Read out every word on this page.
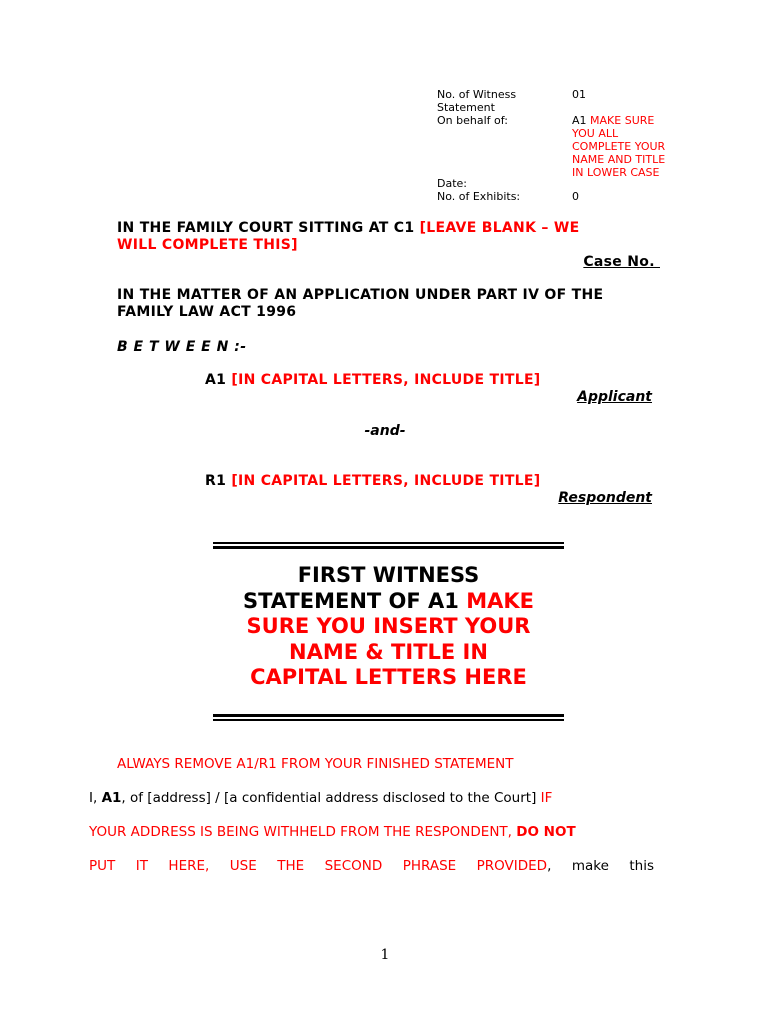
No. of Witness
Statement
On behalf of:
01
A1 MAKE SURE
YOU ALL
COMPLETE YOUR
NAME AND TITLE
IN LOWER CASE
Date:
No. of Exhibits:	0
IN THE FAMILY COURT SITTING AT C1 [LEAVE BLANK – WE
WILL COMPLETE THIS]
Case No.
IN THE MATTER OF AN APPLICATION UNDER PART IV OF THE
FAMILY LAW ACT 1996
B E T W E E N :-
A1 [IN CAPITAL LETTERS, INCLUDE TITLE]
Applicant
-and-
R1 [IN CAPITAL LETTERS, INCLUDE TITLE]
Respondent
FIRST WITNESS
STATEMENT OF A1 MAKE
SURE YOU INSERT YOUR
NAME & TITLE IN
CAPITAL LETTERS HERE
ALWAYS REMOVE A1/R1 FROM YOUR FINISHED STATEMENT
I, A1, of [address] / [a confidential address disclosed to the Court] IF
YOUR ADDRESS IS BEING WITHHELD FROM THE RESPONDENT, DO NOT
PUT IT HERE, USE THE SECOND PHRASE PROVIDED, make this
1
